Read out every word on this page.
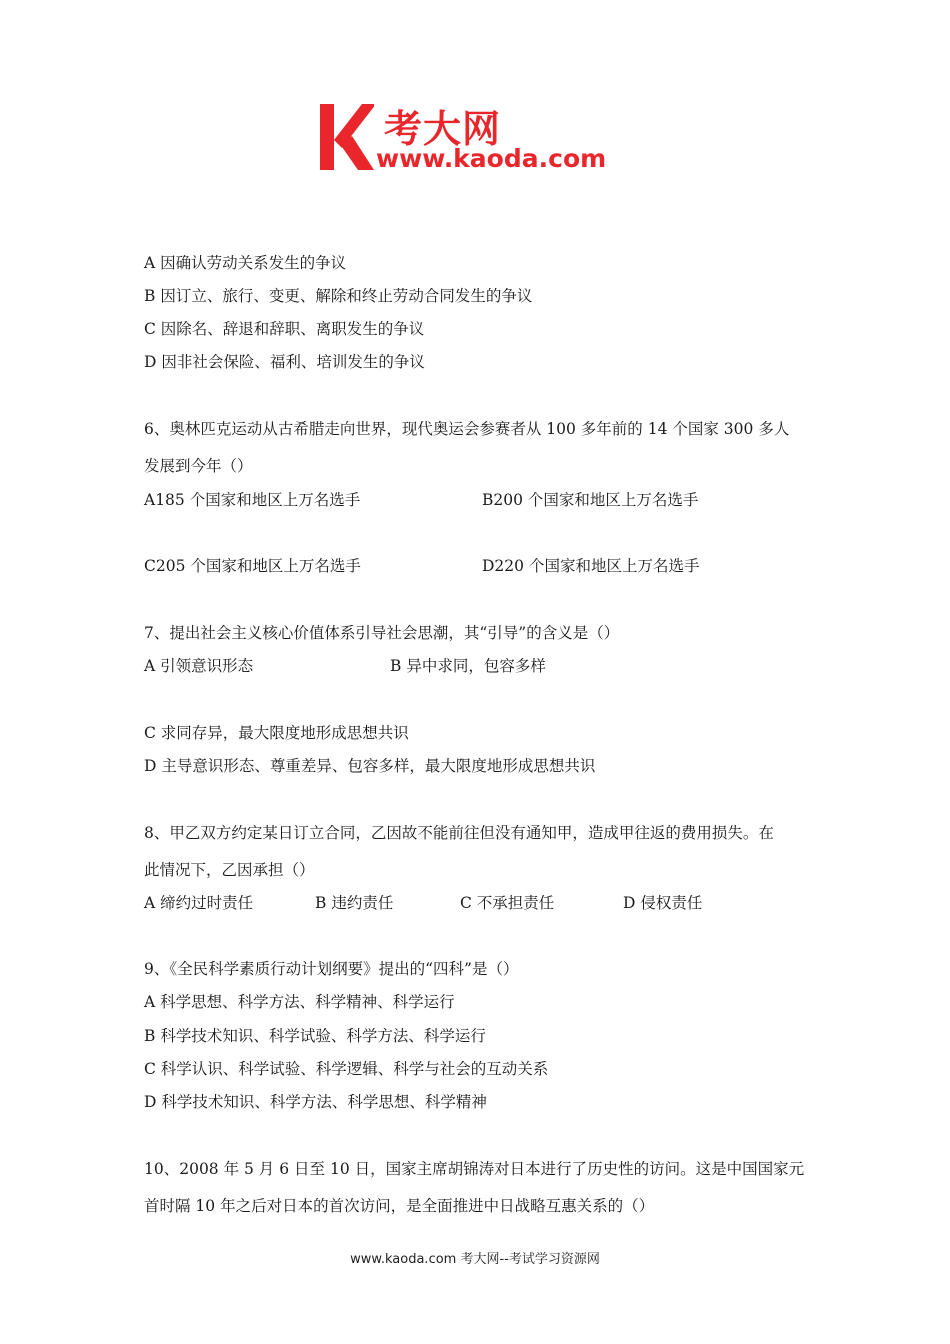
考大网
www.kaoda.com
A 因确认劳动关系发生的争议
B 因订立、旅行、变更、解除和终止劳动合同发生的争议
C 因除名、辞退和辞职、离职发生的争议
D 因非社会保险、福利、培训发生的争议
6、奥林匹克运动从古希腊走向世界，现代奥运会参赛者从 100 多年前的 14 个国家 300 多人
发展到今年（）
A185 个国家和地区上万名选手	B200 个国家和地区上万名选手
C205 个国家和地区上万名选手	D220 个国家和地区上万名选手
7、提出社会主义核心价值体系引导社会思潮，其“引导”的含义是（）
A 引领意识形态	B 异中求同，包容多样
C 求同存异，最大限度地形成思想共识
D 主导意识形态、尊重差异、包容多样，最大限度地形成思想共识
8、甲乙双方约定某日订立合同，乙因故不能前往但没有通知甲，造成甲往返的费用损失。在
此情况下，乙因承担（）
A 缔约过时责任	B 违约责任	C 不承担责任	D 侵权责任
9、《全民科学素质行动计划纲要》提出的“四科”是（）
A 科学思想、科学方法、科学精神、科学运行
B 科学技术知识、科学试验、科学方法、科学运行
C 科学认识、科学试验、科学逻辑、科学与社会的互动关系
D 科学技术知识、科学方法、科学思想、科学精神
10、2008 年 5 月 6 日至 10 日，国家主席胡锦涛对日本进行了历史性的访问。这是中国国家元
首时隔 10 年之后对日本的首次访问，是全面推进中日战略互惠关系的（）
www.kaoda.com 考大网--考试学习资源网
